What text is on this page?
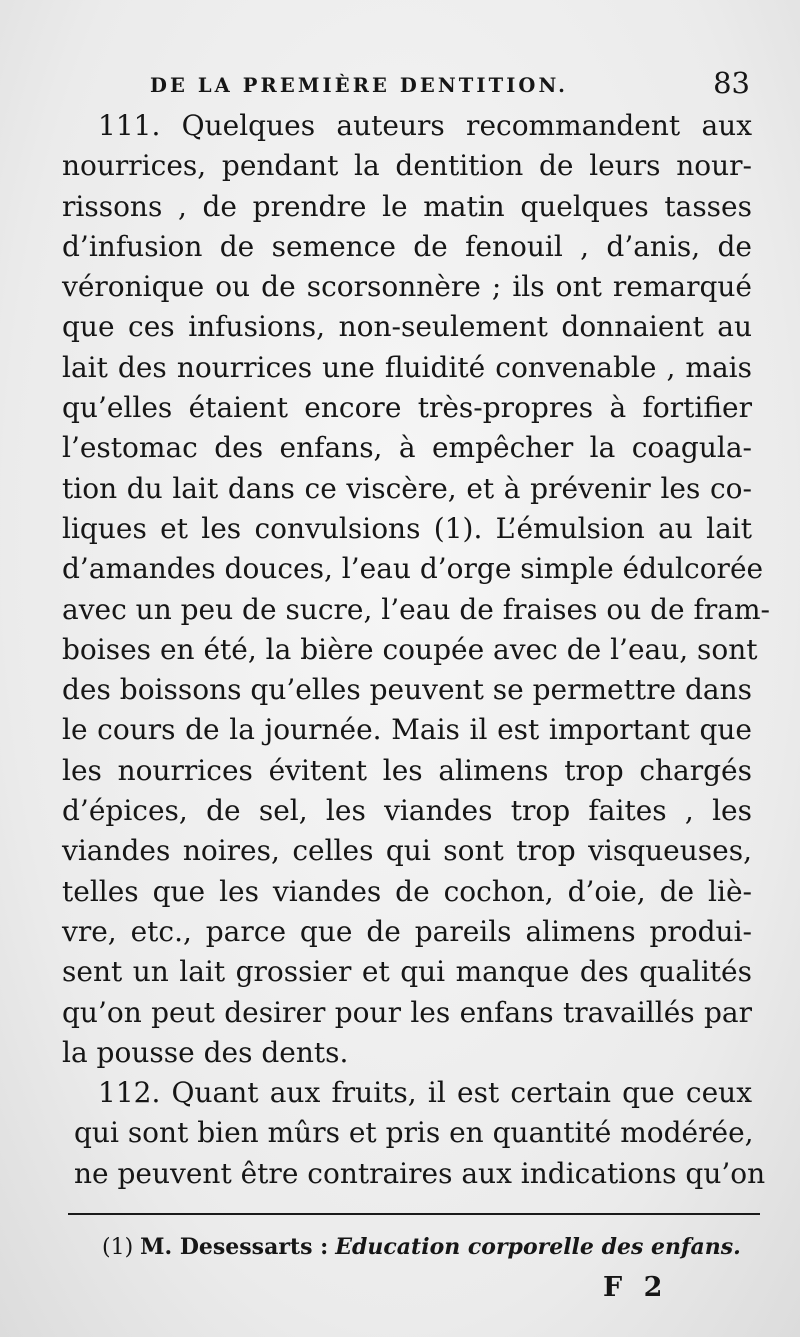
DE LA PREMIÈRE DENTITION.	83
111. Quelques auteurs recommandent aux
nourrices, pendant la dentition de leurs nour-
rissons , de prendre le matin quelques tasses
d’infusion de semence de fenouil , d’anis, de
véronique ou de scorsonnère ; ils ont remarqué
que ces infusions, non-seulement donnaient au
lait des nourrices une fluidité convenable , mais
qu’elles étaient encore très-propres à fortifier
l’estomac des enfans, à empêcher la coagula-
tion du lait dans ce viscère, et à prévenir les co-
liques et les convulsions (1). L’émulsion au lait
d’amandes douces, l’eau d’orge simple édulcorée
avec un peu de sucre, l’eau de fraises ou de fram-
boises en été, la bière coupée avec de l’eau, sont
des boissons qu’elles peuvent se permettre dans
le cours de la journée. Mais il est important que
les nourrices évitent les alimens trop chargés
d’épices, de sel, les viandes trop faites , les
viandes noires, celles qui sont trop visqueuses,
telles que les viandes de cochon, d’oie, de liè-
vre, etc., parce que de pareils alimens produi-
sent un lait grossier et qui manque des qualités
qu’on peut desirer pour les enfans travaillés par
la pousse des dents.
112. Quant aux fruits, il est certain que ceux
qui sont bien mûrs et pris en quantité modérée,
ne peuvent être contraires aux indications qu’on
(1) M. Desessarts : Education corporelle des enfans.
F 2
